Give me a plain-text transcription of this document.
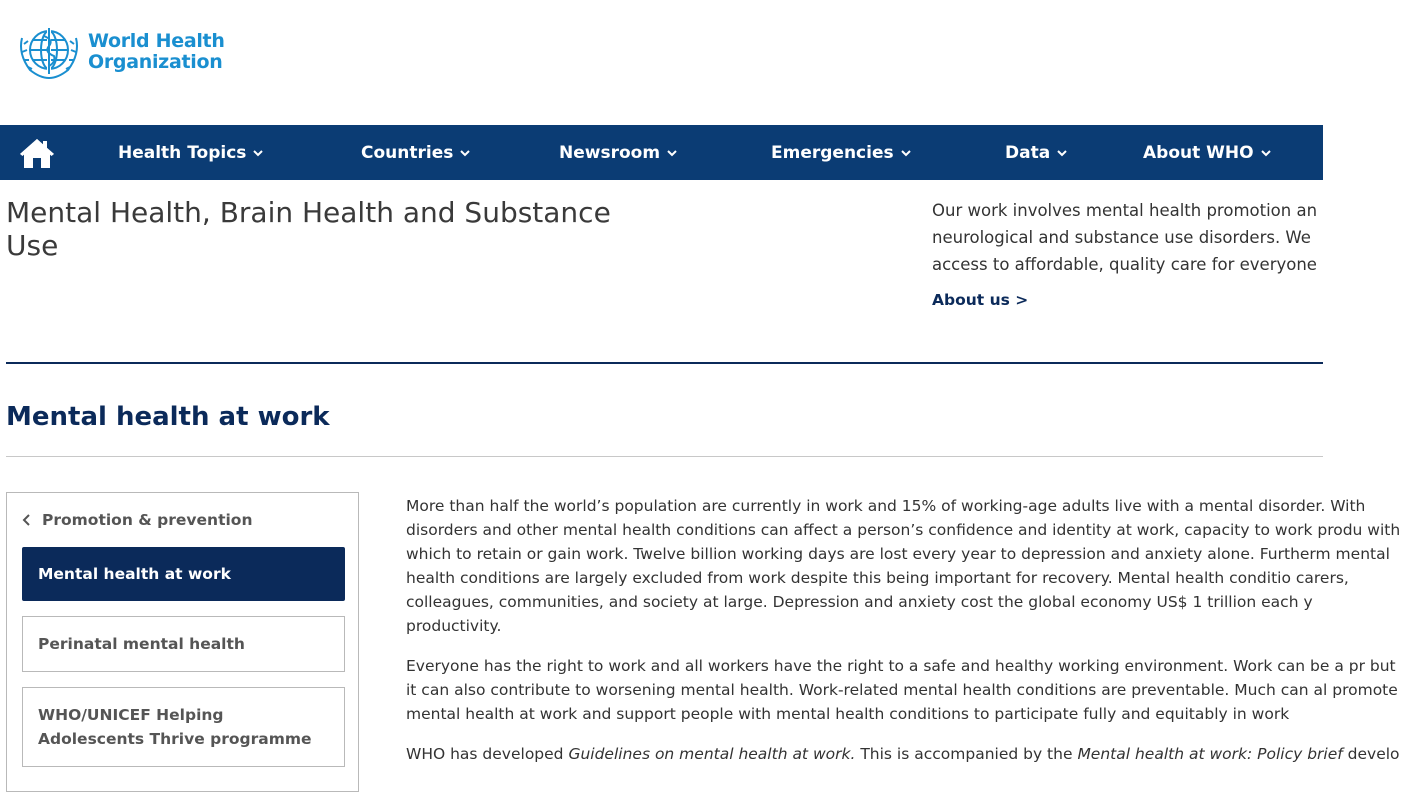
World Health
Organization
Health Topics	Countries	Newsroom	Emergencies	Data	About WHO
Mental Health, Brain Health and Substance Use
Our work involves mental health promotion an
neurological and substance use disorders. We
access to affordable, quality care for everyone
About us >
Mental health at work
Promotion & prevention
Mental health at work
Perinatal mental health
WHO/UNICEF Helping Adolescents Thrive programme

More than half the world’s population are currently in work and 15% of working-age adults live with a mental disorder. With disorders and other mental health conditions can affect a person’s confidence and identity at work, capacity to work produ with which to retain or gain work. Twelve billion working days are lost every year to depression and anxiety alone. Furtherm mental health conditions are largely excluded from work despite this being important for recovery. Mental health conditio carers, colleagues, communities, and society at large. Depression and anxiety cost the global economy US$ 1 trillion each y productivity.

Everyone has the right to work and all workers have the right to a safe and healthy working environment. Work can be a pr but it can also contribute to worsening mental health. Work-related mental health conditions are preventable. Much can al promote mental health at work and support people with mental health conditions to participate fully and equitably in work

WHO has developed Guidelines on mental health at work. This is accompanied by the Mental health at work: Policy brief develo
